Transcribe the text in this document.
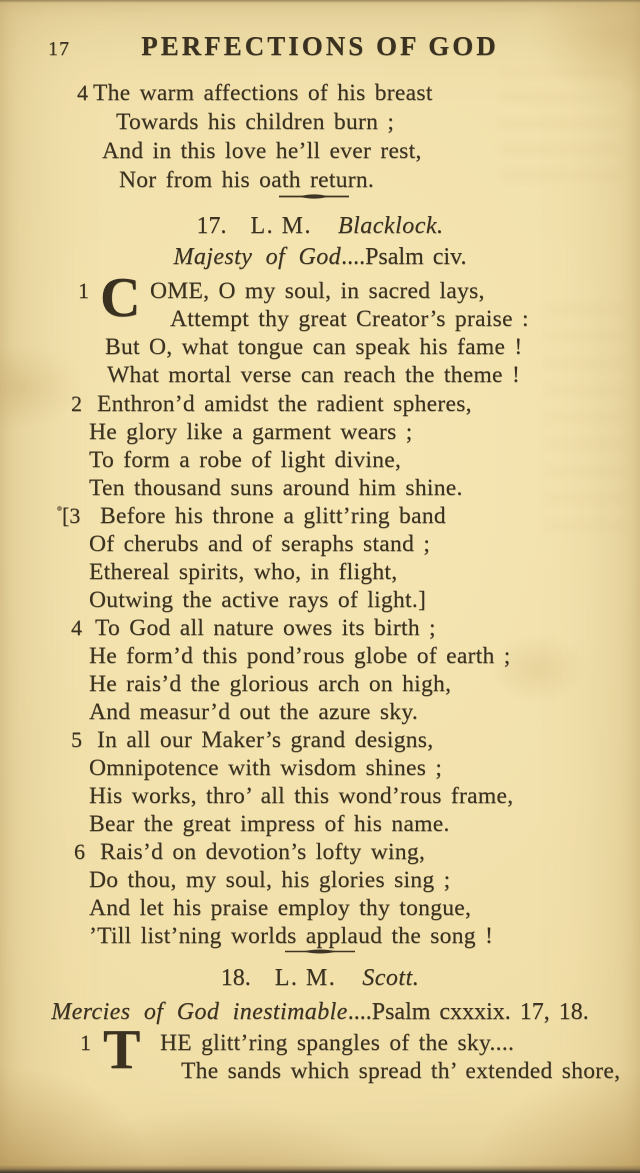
17	PERFECTIONS OF GOD
4 The warm affections of his breast
Towards his children burn ;
And in this love he’ll ever rest,
Nor from his oath return.
17. L. M. Blacklock.
Majesty of God....Psalm civ.
1 C OME, O my soul, in sacred lays,
Attempt thy great Creator’s praise :
But O, what tongue can speak his fame !
What mortal verse can reach the theme !
2 Enthron’d amidst the radient spheres,
He glory like a garment wears ;
To form a robe of light divine,
Ten thousand suns around him shine.
[3 Before his throne a glitt’ring band
Of cherubs and of seraphs stand ;
Ethereal spirits, who, in flight,
Outwing the active rays of light.]
4 To God all nature owes its birth ;
He form’d this pond’rous globe of earth ;
He rais’d the glorious arch on high,
And measur’d out the azure sky.
5 In all our Maker’s grand designs,
Omnipotence with wisdom shines ;
His works, thro’ all this wond’rous frame,
Bear the great impress of his name.
6 Rais’d on devotion’s lofty wing,
Do thou, my soul, his glories sing ;
And let his praise employ thy tongue,
’Till list’ning worlds applaud the song !
18. L. M. Scott.
Mercies of God inestimable....Psalm cxxxix. 17, 18.
1 T HE glitt’ring spangles of the sky....
The sands which spread th’ extended shore,
